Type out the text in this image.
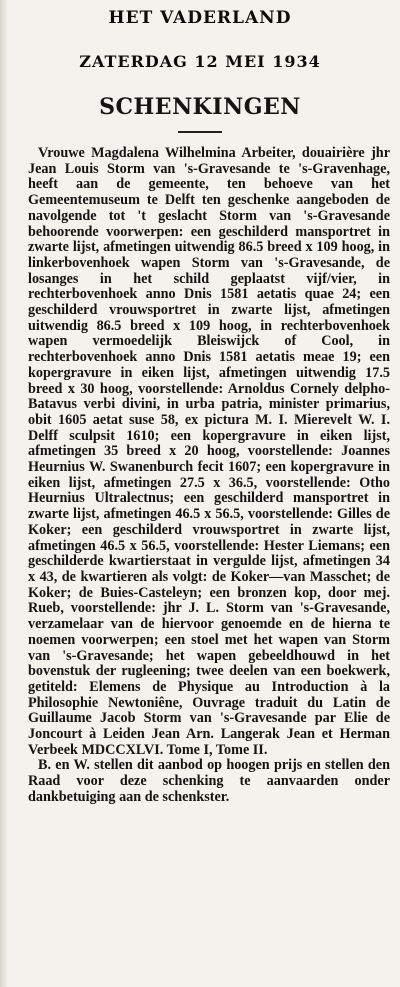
HET VADERLAND
ZATERDAG 12 MEI 1934
SCHENKINGEN

Vrouwe Magdalena Wilhelmina Arbeiter, douairière jhr Jean Louis Storm van 's-Gravesande te 's-Gravenhage, heeft aan de gemeente, ten behoeve van het Gemeentemuseum te Delft ten geschenke aangeboden de navolgende tot 't geslacht Storm van 's-Gravesande behoorende voorwerpen: een geschilderd mansportret in zwarte lijst, afmetingen uitwendig 86.5 breed x 109 hoog, in linkerbovenhoek wapen Storm van 's-Gravesande, de losanges in het schild geplaatst vijf/vier, in rechterbovenhoek anno Dnis 1581 aetatis quae 24; een geschilderd vrouwsportret in zwarte lijst, afmetingen uitwendig 86.5 breed x 109 hoog, in rechterbovenhoek wapen vermoedelijk Bleiswijck of Cool, in rechterbovenhoek anno Dnis 1581 aetatis meae 19; een kopergravure in eiken lijst, afmetingen uitwendig 17.5 breed x 30 hoog, voorstellende: Arnoldus Cornely delpho-Batavus verbi divini, in urba patria, minister primarius, obit 1605 aetat suse 58, ex pictura M. I. Mierevelt W. I. Delff sculpsit 1610; een kopergravure in eiken lijst, afmetingen 35 breed x 20 hoog, voorstellende: Joannes Heurnius W. Swanenburch fecit 1607; een kopergravure in eiken lijst, afmetingen 27.5 x 36.5, voorstellende: Otho Heurnius Ultralectnus; een geschilderd mansportret in zwarte lijst, afmetingen 46.5 x 56.5, voorstellende: Gilles de Koker; een geschilderd vrouwsportret in zwarte lijst, afmetingen 46.5 x 56.5, voorstellende: Hester Liemans; een geschilderde kwartierstaat in vergulde lijst, afmetingen 34 x 43, de kwartieren als volgt: de Koker—van Masschet; de Koker; de Buies-Casteleyn; een bronzen kop, door mej. Rueb, voorstellende: jhr J. L. Storm van 's-Gravesande, verzamelaar van de hiervoor genoemde en de hierna te noemen voorwerpen; een stoel met het wapen van Storm van 's-Gravesande; het wapen gebeeldhouwd in het bovenstuk der rugleening; twee deelen van een boekwerk, getiteld: Elemens de Physique au Introduction à la Philosophie Newtoniêne, Ouvrage traduit du Latin de Guillaume Jacob Storm van 's-Gravesande par Elie de Joncourt à Leiden Jean Arn. Langerak Jean et Herman Verbeek MDCCXLVI. Tome I, Tome II.

B. en W. stellen dit aanbod op hoogen prijs en stellen den Raad voor deze schenking te aanvaarden onder dankbetuiging aan de schenkster.
